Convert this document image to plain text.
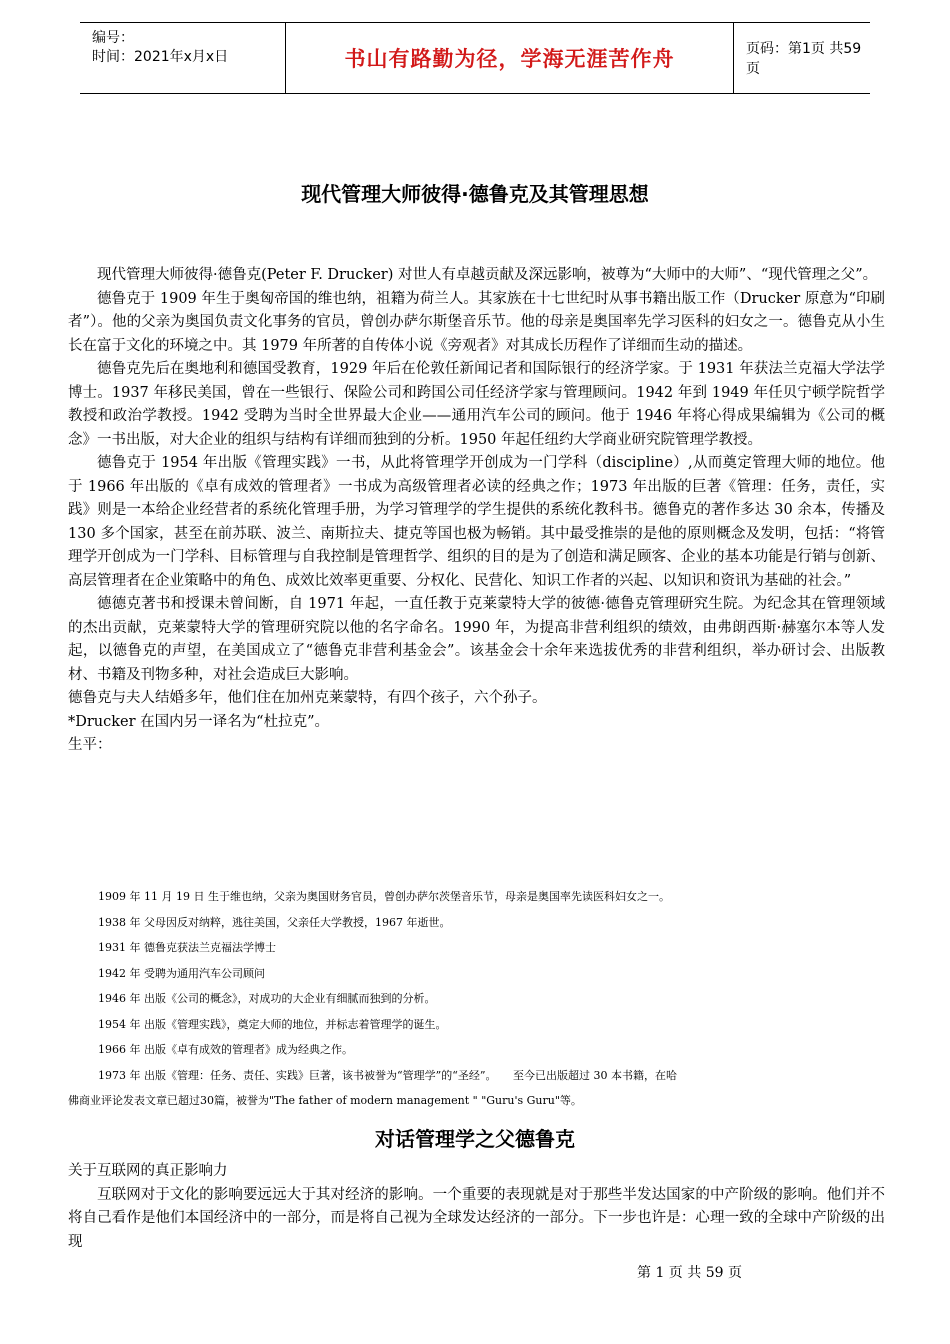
编号：
时间：2021年x月x日	书山有路勤为径，学海无涯苦作舟	页码：第1页 共59页
现代管理大师彼得·德鲁克及其管理思想

现代管理大师彼得·德鲁克(Peter F. Drucker) 对世人有卓越贡献及深远影响，被尊为“大师中的大师”、“现代管理之父”。

德鲁克于 1909 年生于奥匈帝国的维也纳，祖籍为荷兰人。其家族在十七世纪时从事书籍出版工作（Drucker 原意为“印刷者”）。他的父亲为奥国负责文化事务的官员，曾创办萨尔斯堡音乐节。他的母亲是奥国率先学习医科的妇女之一。德鲁克从小生长在富于文化的环境之中。其 1979 年所著的自传体小说《旁观者》对其成长历程作了详细而生动的描述。

德鲁克先后在奥地利和德国受教育，1929 年后在伦敦任新闻记者和国际银行的经济学家。于 1931 年获法兰克福大学法学博士。1937 年移民美国，曾在一些银行、保险公司和跨国公司任经济学家与管理顾问。1942 年到 1949 年任贝宁顿学院哲学教授和政治学教授。1942 受聘为当时全世界最大企业——通用汽车公司的顾问。他于 1946 年将心得成果编辑为《公司的概念》一书出版，对大企业的组织与结构有详细而独到的分析。1950 年起任纽约大学商业研究院管理学教授。

德鲁克于 1954 年出版《管理实践》一书，从此将管理学开创成为一门学科（discipline）,从而奠定管理大师的地位。他于 1966 年出版的《卓有成效的管理者》一书成为高级管理者必读的经典之作；1973 年出版的巨著《管理：任务，责任，实践》则是一本给企业经营者的系统化管理手册，为学习管理学的学生提供的系统化教科书。德鲁克的著作多达 30 余本，传播及 130 多个国家，甚至在前苏联、波兰、南斯拉夫、捷克等国也极为畅销。其中最受推崇的是他的原则概念及发明，包括：“将管理学开创成为一门学科、目标管理与自我控制是管理哲学、组织的目的是为了创造和满足顾客、企业的基本功能是行销与创新、高层管理者在企业策略中的角色、成效比效率更重要、分权化、民营化、知识工作者的兴起、以知识和资讯为基础的社会。”

德德克著书和授课未曾间断，自 1971 年起，一直任教于克莱蒙特大学的彼德·德鲁克管理研究生院。为纪念其在管理领域的杰出贡献，克莱蒙特大学的管理研究院以他的名字命名。1990 年，为提高非营利组织的绩效，由弗朗西斯·赫塞尔本等人发起，以德鲁克的声望，在美国成立了“德鲁克非营利基金会”。该基金会十余年来选拔优秀的非营利组织，举办研讨会、出版教材、书籍及刊物多种，对社会造成巨大影响。

德鲁克与夫人结婚多年，他们住在加州克莱蒙特，有四个孩子，六个孙子。

*Drucker 在国内另一译名为“杜拉克”。

生平：

1909 年 11 月 19 日 生于维也纳，父亲为奥国财务官员，曾创办萨尔茨堡音乐节，母亲是奥国率先读医科妇女之一。

1938 年 父母因反对纳粹，逃往美国，父亲任大学教授，1967 年逝世。

1931 年 德鲁克获法兰克福法学博士

1942 年 受聘为通用汽车公司顾问

1946 年 出版《公司的概念》，对成功的大企业有细腻而独到的分析。

1954 年 出版《管理实践》，奠定大师的地位，并标志着管理学的诞生。

1966 年 出版《卓有成效的管理者》成为经典之作。

1973 年 出版《管理：任务、责任、实践》巨著，该书被誉为“管理学”的“圣经”。　　至今已出版超过 30 本书籍，在哈

佛商业评论发表文章已超过30篇，被誉为"The father of modern management " "Guru's Guru"等。

对话管理学之父德鲁克

关于互联网的真正影响力

互联网对于文化的影响要远远大于其对经济的影响。一个重要的表现就是对于那些半发达国家的中产阶级的影响。他们并不将自己看作是他们本国经济中的一部分，而是将自己视为全球发达经济的一部分。下一步也许是：心理一致的全球中产阶级的出现

第 1 页 共 59 页
